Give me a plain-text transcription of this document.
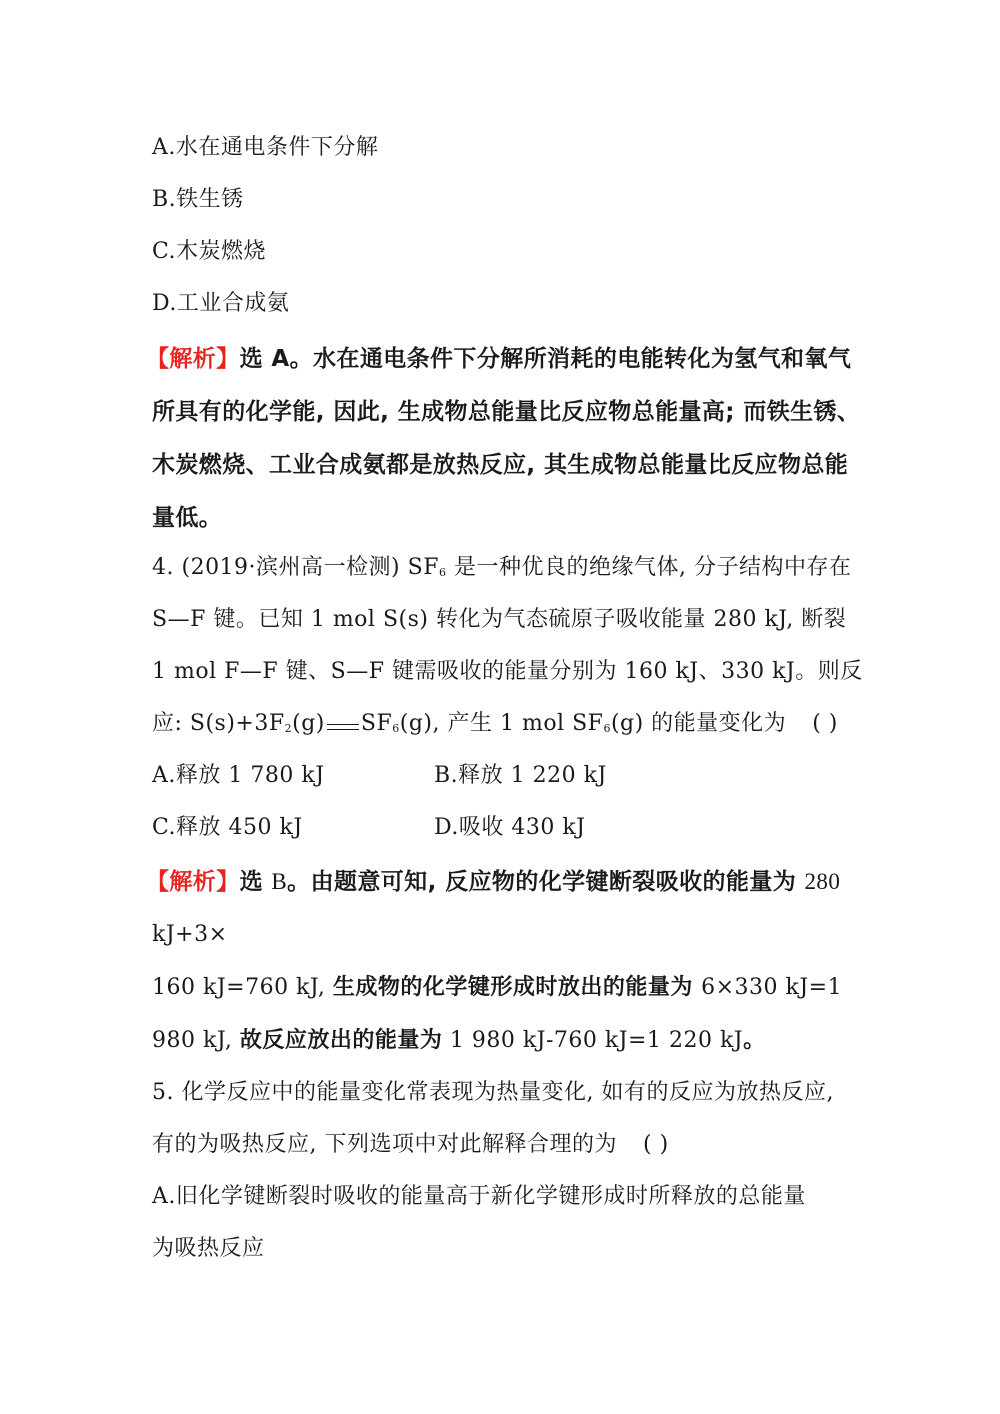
A.水在通电条件下分解
B.铁生锈
C.木炭燃烧
D.工业合成氨
【解析】选 A。水在通电条件下分解所消耗的电能转化为氢气和氧气
所具有的化学能, 因此, 生成物总能量比反应物总能量高; 而铁生锈、
木炭燃烧、工业合成氨都是放热反应, 其生成物总能量比反应物总能
量低。
4. (2019·滨州高一检测) $SF_6$ 是一种优良的绝缘气体, 分子结构中存在
S—F 键。已知 1 mol S(s) 转化为气态硫原子吸收能量 280 kJ, 断裂
1 mol F—F 键、S—F 键需吸收的能量分别为 160 kJ、330 kJ。则反
应: $S(s)+3F_2(g)$ $SF_6(g)$, 产生 1 mol $SF_6(g)$ 的能量变化为 ( )
A.释放 1 780 kJ	B.释放 1 220 kJ
C.释放 450 kJ	D.吸收 430 kJ
【解析】选 B。由题意可知, 反应物的化学键断裂吸收的能量为 280
kJ+3×
160 kJ=760 kJ, 生成物的化学键形成时放出的能量为 6×330 kJ=1
980 kJ, 故反应放出的能量为 1 980 kJ-760 kJ=1 220 kJ。
5. 化学反应中的能量变化常表现为热量变化, 如有的反应为放热反应,
有的为吸热反应, 下列选项中对此解释合理的为 ( )
A.旧化学键断裂时吸收的能量高于新化学键形成时所释放的总能量
为吸热反应
